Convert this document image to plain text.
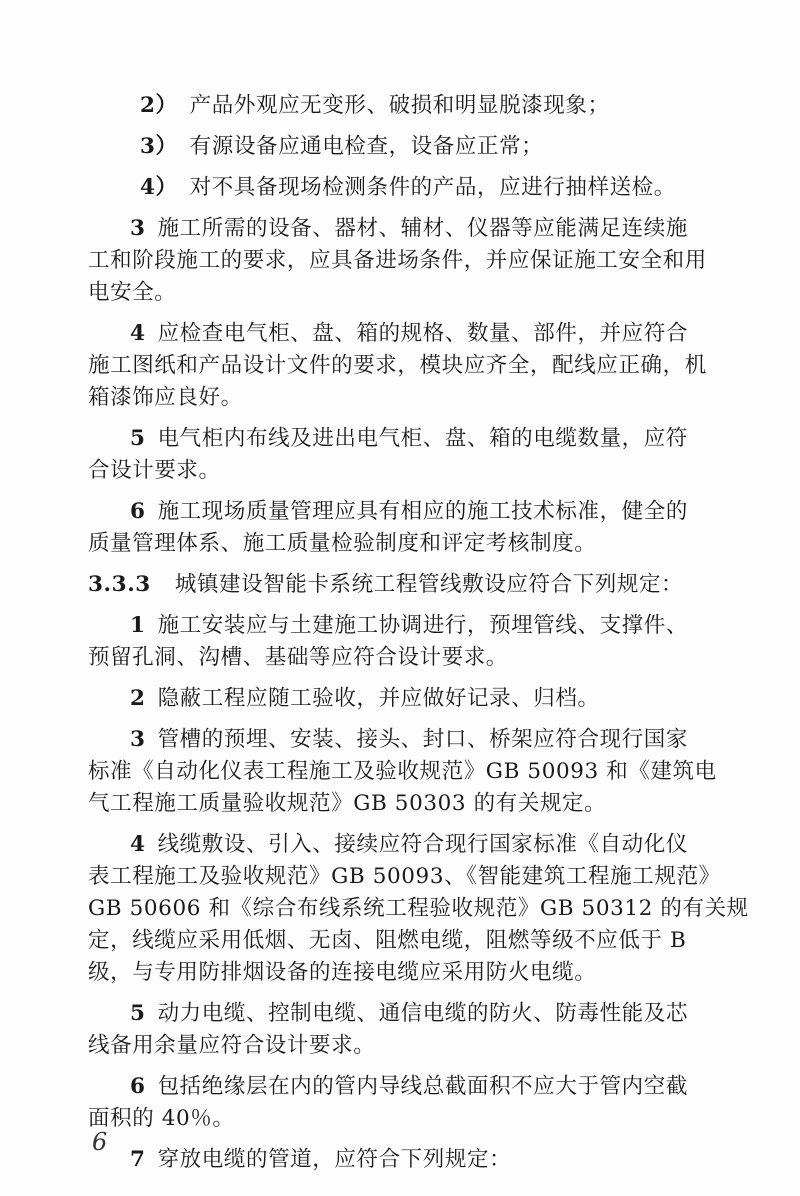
2） 产品外观应无变形、破损和明显脱漆现象；
3） 有源设备应通电检查，设备应正常；
4） 对不具备现场检测条件的产品，应进行抽样送检。
3 施工所需的设备、器材、辅材、仪器等应能满足连续施
工和阶段施工的要求，应具备进场条件，并应保证施工安全和用
电安全。
4 应检查电气柜、盘、箱的规格、数量、部件，并应符合
施工图纸和产品设计文件的要求，模块应齐全，配线应正确，机
箱漆饰应良好。
5 电气柜内布线及进出电气柜、盘、箱的电缆数量，应符
合设计要求。
6 施工现场质量管理应具有相应的施工技术标准，健全的
质量管理体系、施工质量检验制度和评定考核制度。
3.3.3 城镇建设智能卡系统工程管线敷设应符合下列规定：
1 施工安装应与土建施工协调进行，预埋管线、支撑件、
预留孔洞、沟槽、基础等应符合设计要求。
2 隐蔽工程应随工验收，并应做好记录、归档。
3 管槽的预埋、安装、接头、封口、桥架应符合现行国家
标准《自动化仪表工程施工及验收规范》GB 50093 和《建筑电
气工程施工质量验收规范》GB 50303 的有关规定。
4 线缆敷设、引入、接续应符合现行国家标准《自动化仪
表工程施工及验收规范》GB 50093、《智能建筑工程施工规范》
GB 50606 和《综合布线系统工程验收规范》GB 50312 的有关规
定，线缆应采用低烟、无卤、阻燃电缆，阻燃等级不应低于 B
级，与专用防排烟设备的连接电缆应采用防火电缆。
5 动力电缆、控制电缆、通信电缆的防火、防毒性能及芯
线备用余量应符合设计要求。
6 包括绝缘层在内的管内导线总截面积不应大于管内空截
面积的 40％。
7 穿放电缆的管道，应符合下列规定：
6
